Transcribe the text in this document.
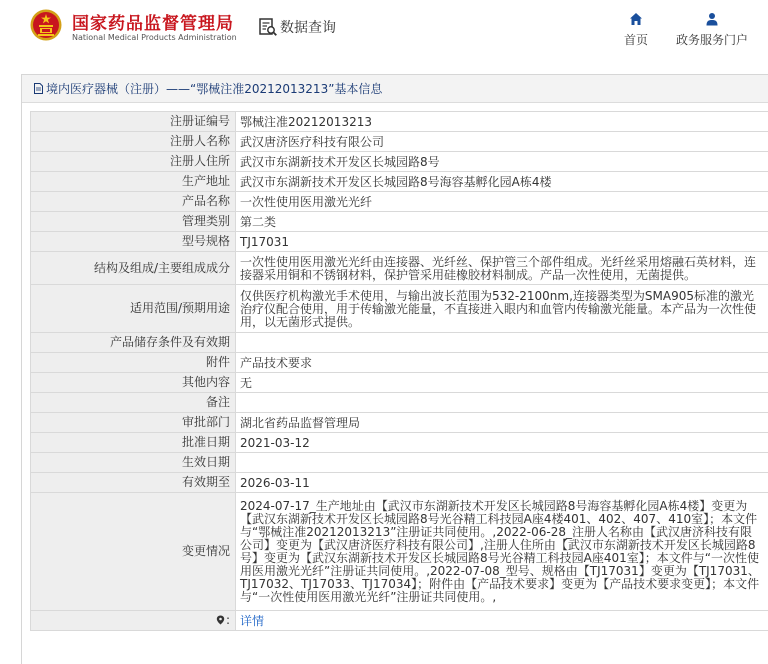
国家药品监督管理局
National Medical Products Administration
数据查询
首页	政务服务门户
境内医疗器械（注册）——“鄂械注准20212013213”基本信息
注册证编号	鄂械注准20212013213
注册人名称	武汉唐济医疗科技有限公司
注册人住所	武汉市东湖新技术开发区长城园路8号
生产地址	武汉市东湖新技术开发区长城园路8号海容基孵化园A栋4楼
产品名称	一次性使用医用激光光纤
管理类别	第二类
型号规格	TJ17031
结构及组成/主要组成成分	一次性使用医用激光光纤由连接器、光纤丝、保护管三个部件组成。光纤丝采用熔融石英材料，连接器采用铜和不锈钢材料，保护管采用硅橡胶材料制成。产品一次性使用，无菌提供。
适用范围/预期用途	仅供医疗机构激光手术使用，与输出波长范围为532-2100nm,连接器类型为SMA905标准的激光治疗仪配合使用，用于传输激光能量，不直接进入眼内和血管内传输激光能量。本产品为一次性使用，以无菌形式提供。
产品储存条件及有效期	
附件	产品技术要求
其他内容	无
备注	
审批部门	湖北省药品监督管理局
批准日期	2021-03-12
生效日期	
有效期至	2026-03-11
变更情况	2024-07-17_生产地址由【武汉市东湖新技术开发区长城园路8号海容基孵化园A栋4楼】变更为【武汉东湖新技术开发区长城园路8号光谷精工科技园A座4楼401、402、407、410室】；本文件与“鄂械注准20212013213”注册证共同使用。,2022-06-28_注册人名称由【武汉唐济科技有限公司】变更为【武汉唐济医疗科技有限公司】,注册人住所由【武汉市东湖新技术开发区长城园路8号】变更为【武汉东湖新技术开发区长城园路8号光谷精工科技园A座401室】；本文件与“一次性使用医用激光光纤”注册证共同使用。,2022-07-08_型号、规格由【TJ17031】变更为【TJ17031、TJ17032、TJ17033、TJ17034】；附件由【产品技术要求】变更为【产品技术要求变更】；本文件与“一次性使用医用激光光纤”注册证共同使用。,
:	详情
